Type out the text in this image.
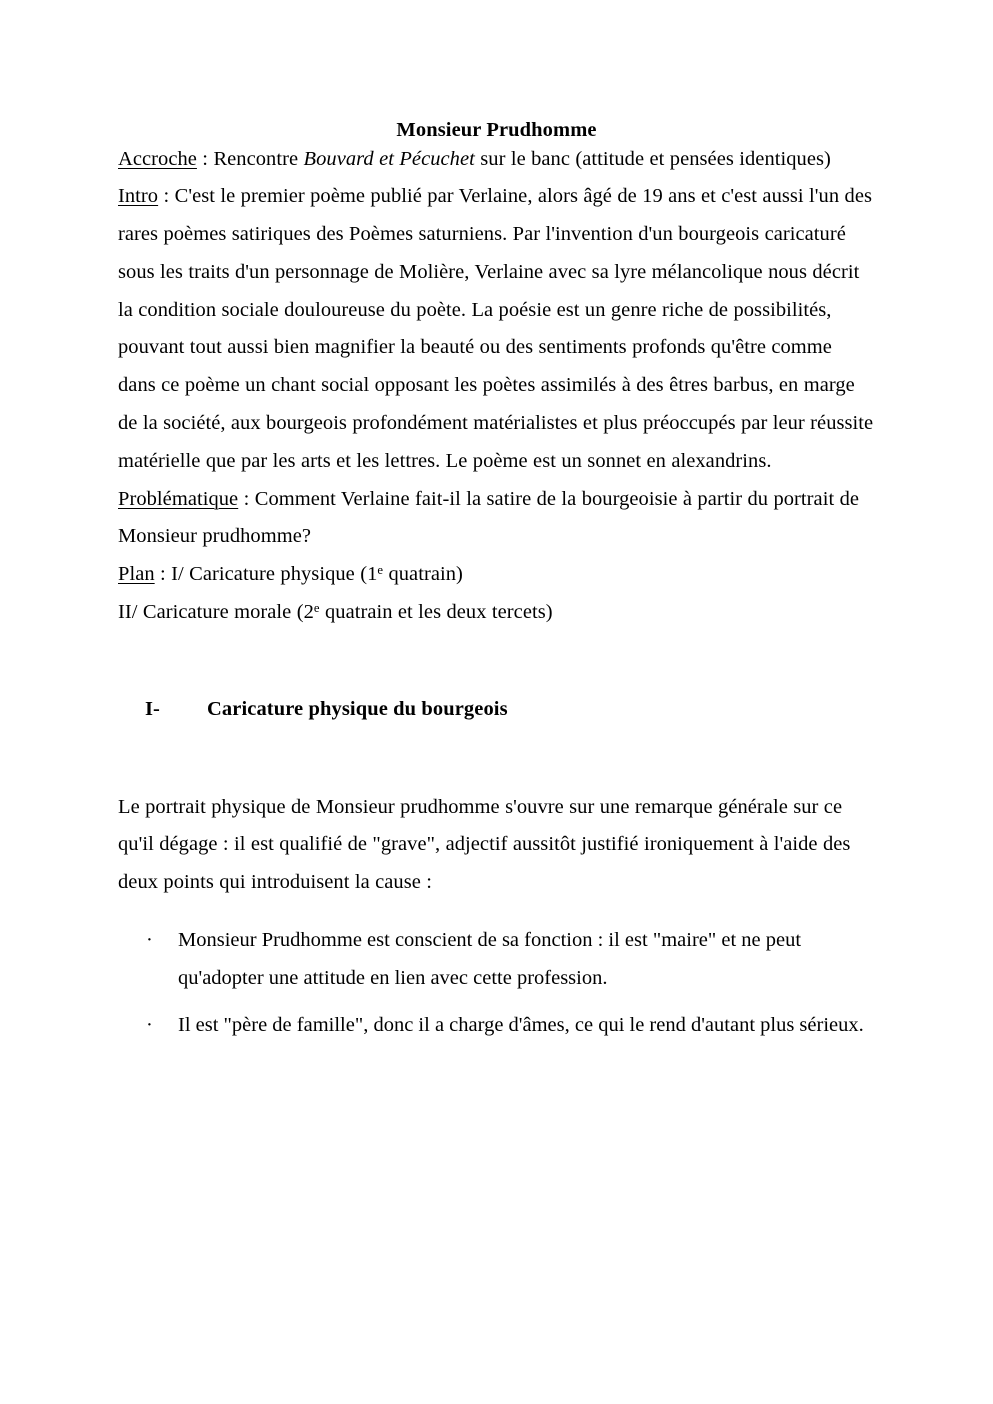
Monsieur Prudhomme

Accroche : Rencontre Bouvard et Pécuchet sur le banc (attitude et pensées identiques)

Intro : C'est le premier poème publié par Verlaine, alors âgé de 19 ans et c'est aussi l'un des rares poèmes satiriques des Poèmes saturniens. Par l'invention d'un bourgeois caricaturé sous les traits d'un personnage de Molière, Verlaine avec sa lyre mélancolique nous décrit la condition sociale douloureuse du poète. La poésie est un genre riche de possibilités, pouvant tout aussi bien magnifier la beauté ou des sentiments profonds qu'être comme dans ce poème un chant social opposant les poètes assimilés à des êtres barbus, en marge de la société, aux bourgeois profondément matérialistes et plus préoccupés par leur réussite matérielle que par les arts et les lettres. Le poème est un sonnet en alexandrins.

Problématique : Comment Verlaine fait-il la satire de la bourgeoisie à partir du portrait de Monsieur prudhomme?

Plan : I/ Caricature physique (1e quatrain)

II/ Caricature morale (2e quatrain et les deux tercets)

I-	Caricature physique du bourgeois

Le portrait physique de Monsieur prudhomme s'ouvre sur une remarque générale sur ce qu'il dégage : il est qualifié de "grave", adjectif aussitôt justifié ironiquement à l'aide des deux points qui introduisent la cause :

· Monsieur Prudhomme est conscient de sa fonction : il est "maire" et ne peut qu'adopter une attitude en lien avec cette profession.
· Il est "père de famille", donc il a charge d'âmes, ce qui le rend d'autant plus sérieux.
